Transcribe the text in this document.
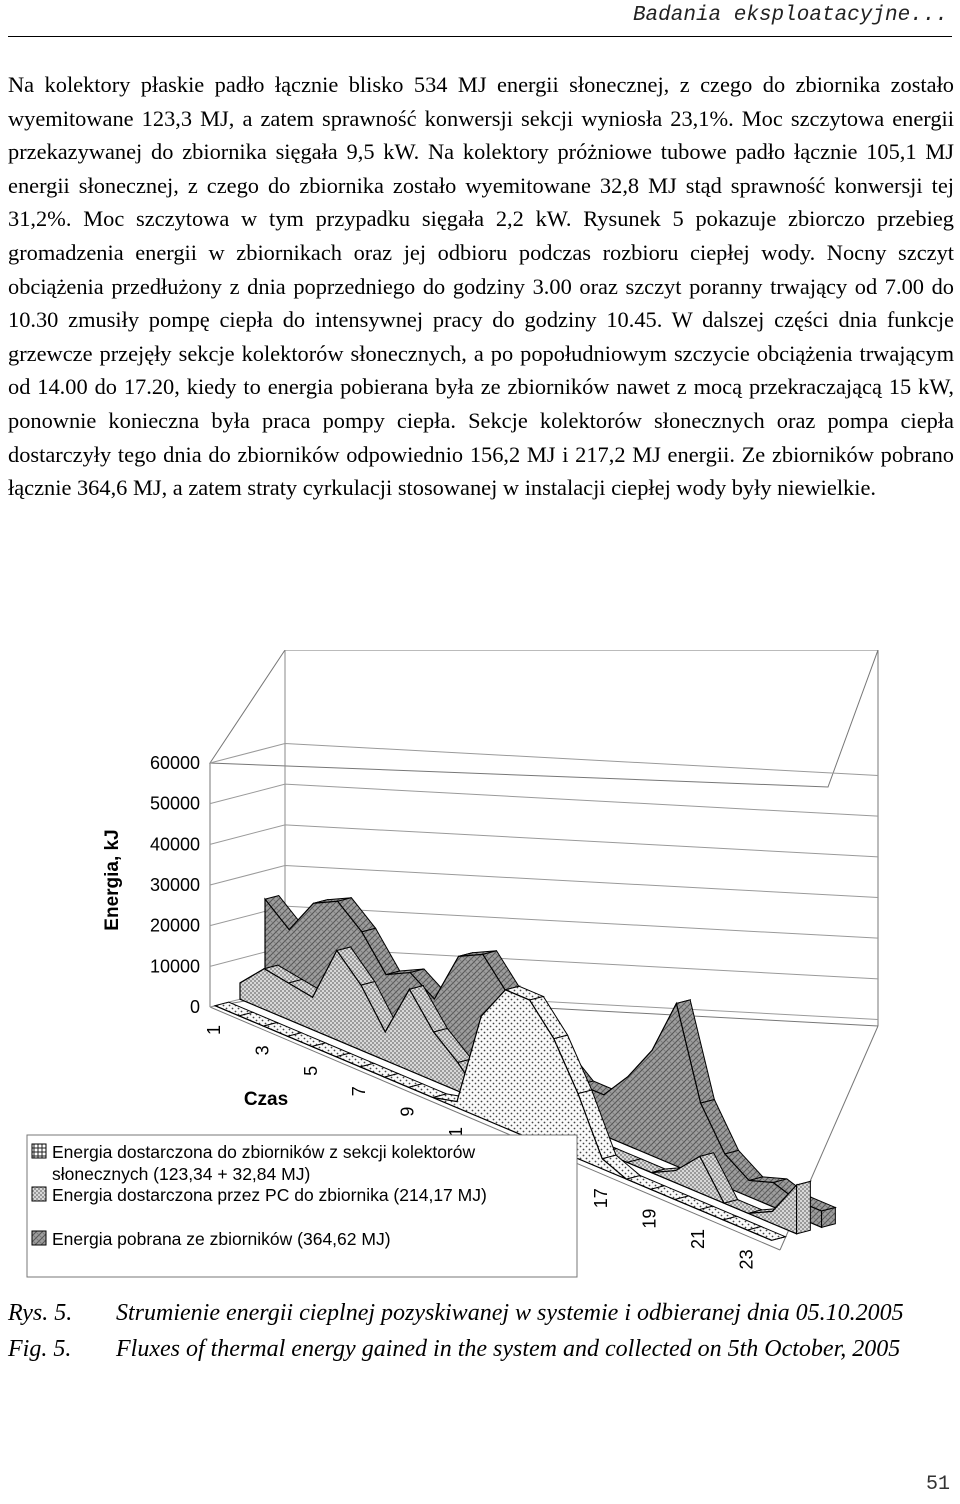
Badania eksploatacyjne...

Na kolektory płaskie padło łącznie blisko 534 MJ energii słonecznej, z czego do zbiornika zostało wyemitowane 123,3 MJ, a zatem sprawność konwersji sekcji wyniosła 23,1%. Moc szczytowa energii przekazywanej do zbiornika sięgała 9,5 kW. Na kolektory próżniowe tubowe padło łącznie 105,1 MJ energii słonecznej, z czego do zbiornika zostało wyemitowane 32,8 MJ stąd sprawność konwersji tej 31,2%. Moc szczytowa w tym przypadku sięgała 2,2 kW. Rysunek 5 pokazuje zbiorczo przebieg gromadzenia energii w zbiornikach oraz jej odbioru podczas rozbioru ciepłej wody. Nocny szczyt obciążenia przedłużony z dnia poprzedniego do godziny 3.00 oraz szczyt poranny trwający od 7.00 do 10.30 zmusiły pompę ciepła do intensywnej pracy do godziny 10.45. W dalszej części dnia funkcje grzewcze przejęły sekcje kolektorów słonecznych, a po popołudniowym szczycie obciążenia trwającym od 14.00 do 17.20, kiedy to energia pobierana była ze zbiorników nawet z mocą przekraczającą 15 kW, ponownie konieczna była praca pompy ciepła. Sekcje kolektorów słonecznych oraz pompa ciepła dostarczyły tego dnia do zbiorników odpowiednio 156,2 MJ i 217,2 MJ energii. Ze zbiorników pobrano łącznie 364,6 MJ, a zatem straty cyrkulacji stosowanej w instalacji ciepłej wody były niewielkie.

0
10000
20000
30000
40000
50000
60000
1
3
5
7
9
17
19
21
23
Energia, kJ
Czas
Energia dostarczona do zbiorników z sekcji kolektorów słonecznych (123,34 + 32,84 MJ)
Energia dostarczona przez PC do zbiornika (214,17 MJ)
Energia pobrana ze zbiorników (364,62 MJ)
Rys. 5.	Strumienie energii cieplnej pozyskiwanej w systemie i odbieranej dnia 05.10.2005
Fig. 5.	Fluxes of thermal energy gained in the system and collected on 5th October, 2005
51
